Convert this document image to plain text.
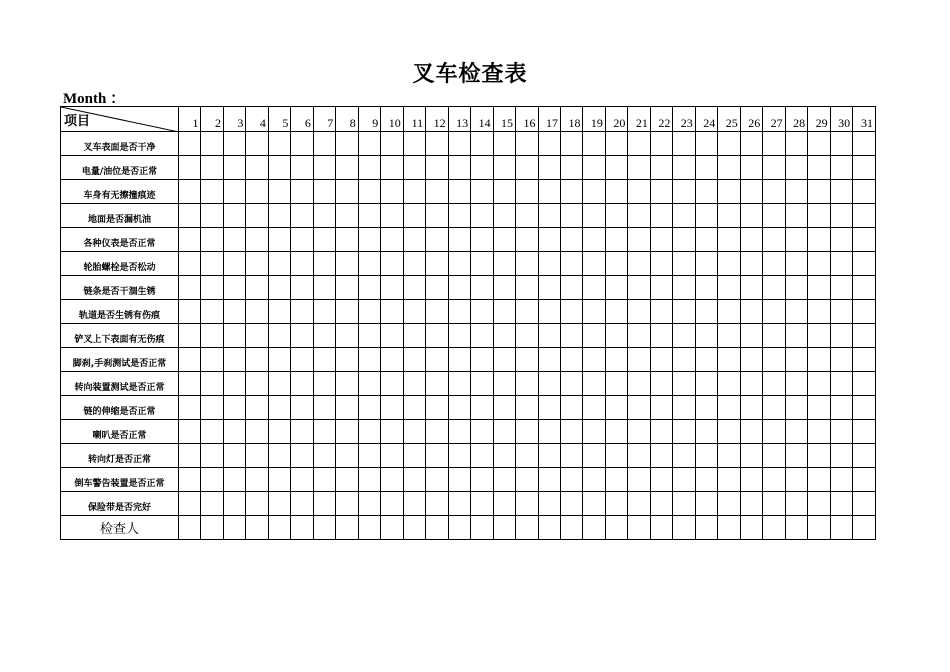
叉车检查表
Month ：
项目	1	2	3	4	5	6	7	8	9	10	11	12	13	14	15	16	17	18	19	20	21	22	23	24	25	26	27	28	29	30	31
叉车表面是否干净																															
电量/油位是否正常																															
车身有无擦撞痕迹																															
地面是否漏机油																															
各种仪表是否正常																															
轮胎螺栓是否松动																															
链条是否干涸生锈																															
轨道是否生锈有伤痕																															
铲叉上下表面有无伤痕																															
脚刹,手刹测试是否正常																															
转向装置测试是否正常																															
链的伸缩是否正常																															
喇叭是否正常																															
转向灯是否正常																															
倒车警告装置是否正常																															
保险带是否完好																															
检查人																															
